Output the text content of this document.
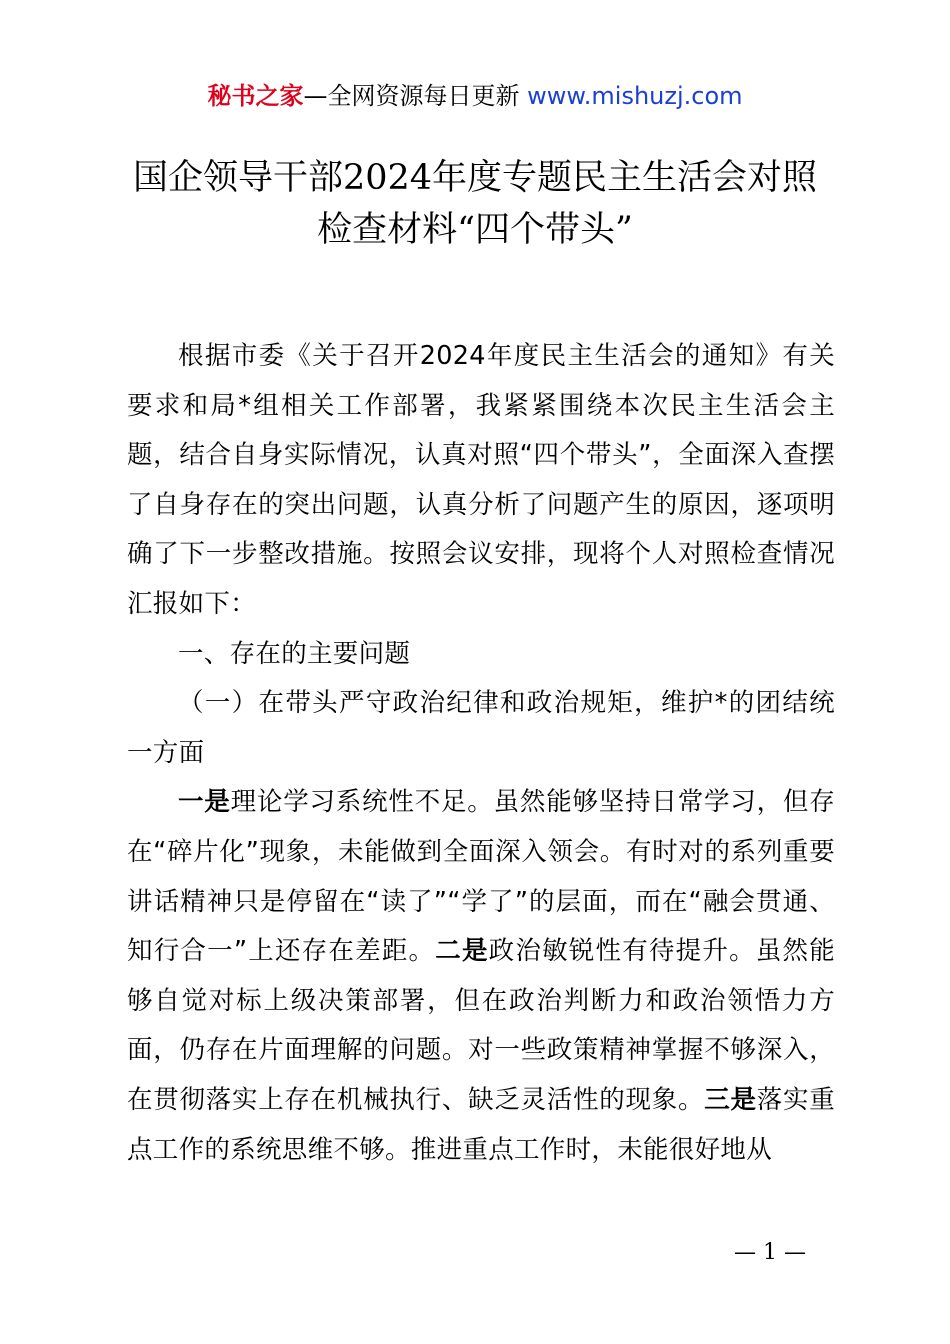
秘书之家—全网资源每日更新 www.mishuzj.com
国企领导干部2024年度专题民主生活会对照
检查材料“四个带头”

根据市委《关于召开2024年度民主生活会的通知》有关要求和局*组相关工作部署，我紧紧围绕本次民主生活会主题，结合自身实际情况，认真对照“四个带头”，全面深入查摆了自身存在的突出问题，认真分析了问题产生的原因，逐项明确了下一步整改措施。按照会议安排，现将个人对照检查情况汇报如下：

一、存在的主要问题

（一）在带头严守政治纪律和政治规矩，维护*的团结统一方面

一是理论学习系统性不足。虽然能够坚持日常学习，但存在“碎片化”现象，未能做到全面深入领会。有时对的系列重要讲话精神只是停留在“读了”“学了”的层面，而在“融会贯通、知行合一”上还存在差距。二是政治敏锐性有待提升。虽然能够自觉对标上级决策部署，但在政治判断力和政治领悟力方面，仍存在片面理解的问题。对一些政策精神掌握不够深入，在贯彻落实上存在机械执行、缺乏灵活性的现象。三是落实重点工作的系统思维不够。推进重点工作时，未能很好地从

— 1 —
